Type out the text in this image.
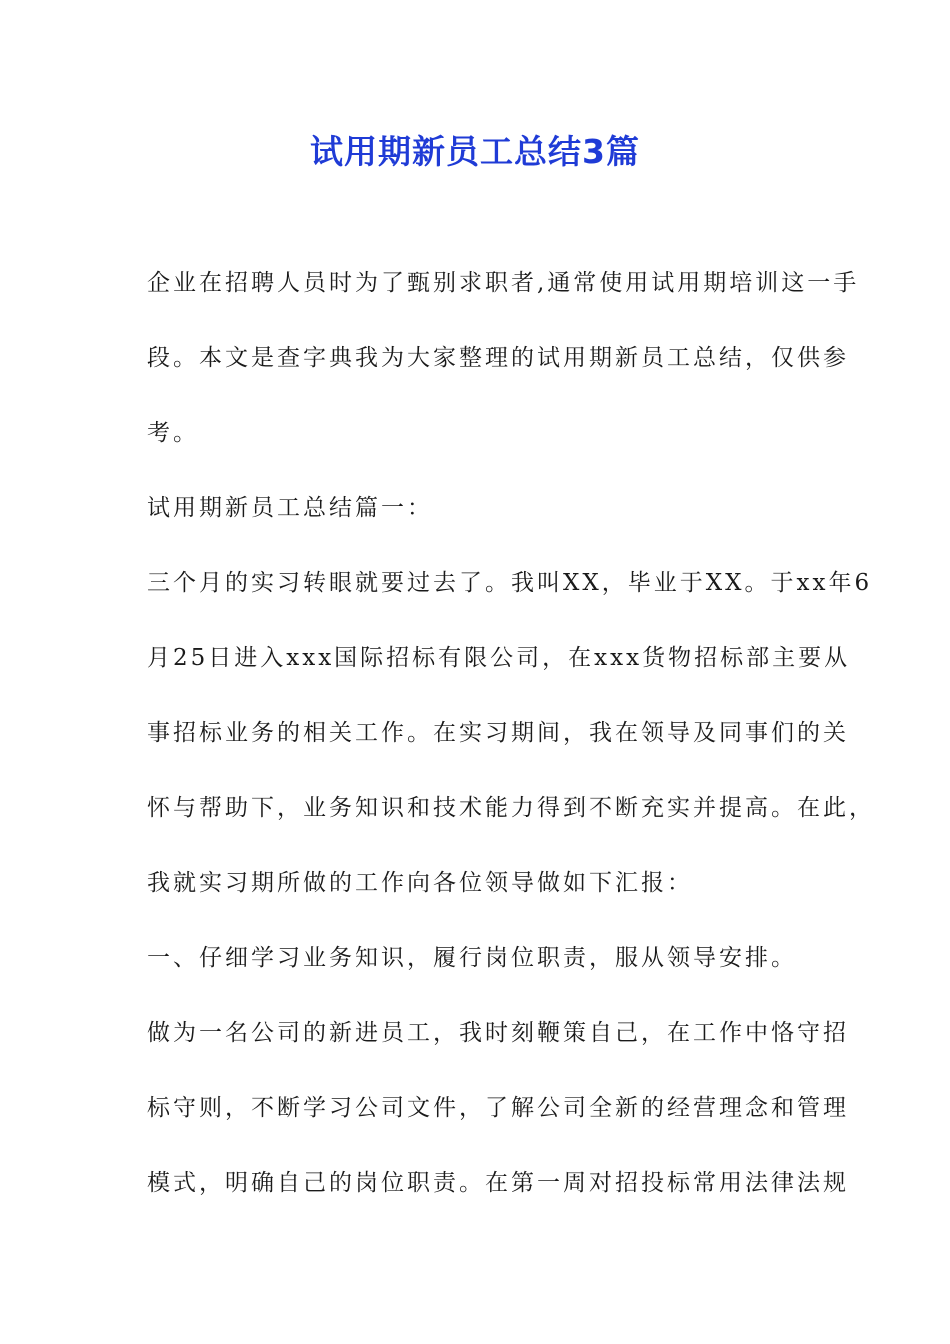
试用期新员工总结3篇
企业在招聘人员时为了甄别求职者,通常使用试用期培训这一手
段。本文是查字典我为大家整理的试用期新员工总结，仅供参
考。
试用期新员工总结篇一：
三个月的实习转眼就要过去了。我叫XX，毕业于XX。于xx年6
月25日进入xxx国际招标有限公司，在xxx货物招标部主要从
事招标业务的相关工作。在实习期间，我在领导及同事们的关
怀与帮助下，业务知识和技术能力得到不断充实并提高。在此，
我就实习期所做的工作向各位领导做如下汇报：
一、仔细学习业务知识，履行岗位职责，服从领导安排。
做为一名公司的新进员工，我时刻鞭策自己，在工作中恪守招
标守则，不断学习公司文件，了解公司全新的经营理念和管理
模式，明确自己的岗位职责。在第一周对招投标常用法律法规
